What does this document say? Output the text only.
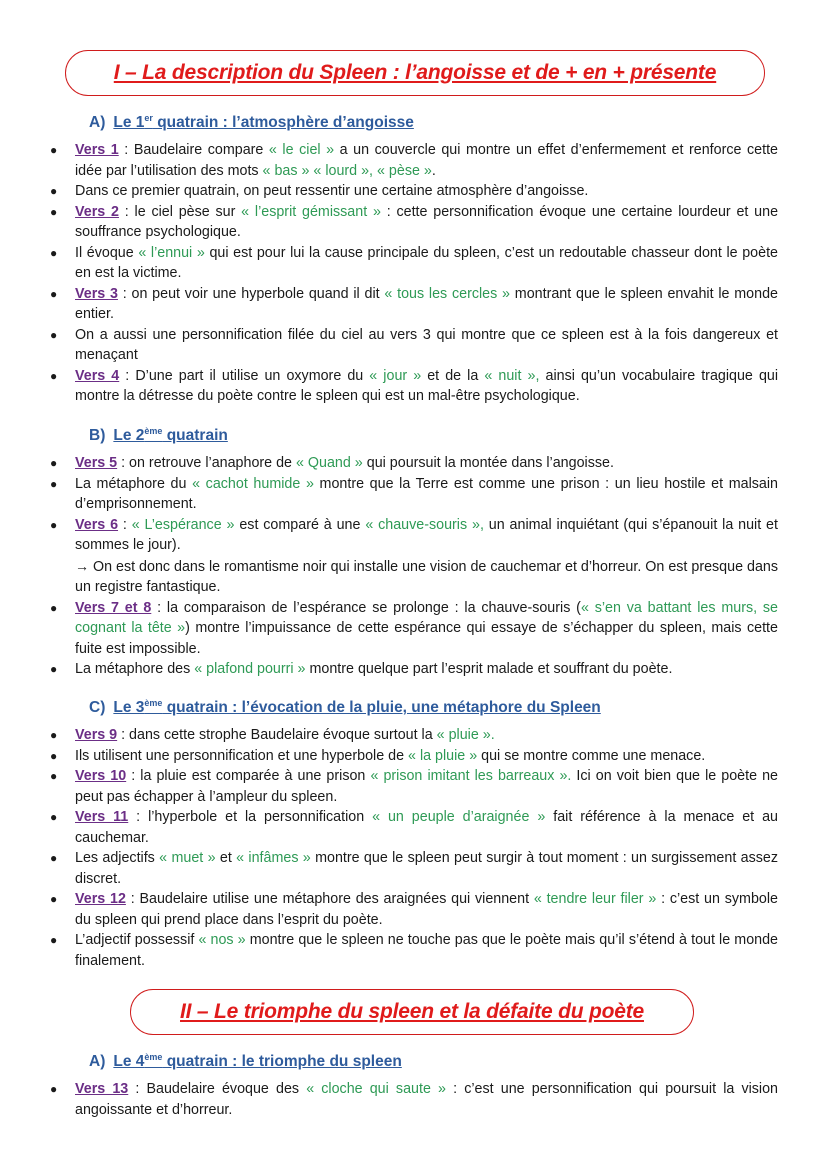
I – La description du Spleen : l’angoisse et de + en + présente
A) Le 1er quatrain : l’atmosphère d’angoisse
● Vers 1 : Baudelaire compare « le ciel » a un couvercle qui montre un effet d’enfermement et renforce cette idée par l’utilisation des mots « bas » « lourd », « pèse ».
● Dans ce premier quatrain, on peut ressentir une certaine atmosphère d’angoisse.
● Vers 2 : le ciel pèse sur « l’esprit gémissant » : cette personnification évoque une certaine lourdeur et une souffrance psychologique.
● Il évoque « l’ennui » qui est pour lui la cause principale du spleen, c’est un redoutable chasseur dont le poète en est la victime.
● Vers 3 : on peut voir une hyperbole quand il dit « tous les cercles » montrant que le spleen envahit le monde entier.
● On a aussi une personnification filée du ciel au vers 3 qui montre que ce spleen est à la fois dangereux et menaçant
● Vers 4 : D’une part il utilise un oxymore du « jour » et de la « nuit », ainsi qu’un vocabulaire tragique qui montre la détresse du poète contre le spleen qui est un mal-être psychologique.
B) Le 2ème quatrain
● Vers 5 : on retrouve l’anaphore de « Quand » qui poursuit la montée dans l’angoisse.
● La métaphore du « cachot humide » montre que la Terre est comme une prison : un lieu hostile et malsain d’emprisonnement.
● Vers 6 : « L’espérance » est comparé à une « chauve-souris », un animal inquiétant (qui s’épanouit la nuit et sommes le jour).
→ On est donc dans le romantisme noir qui installe une vision de cauchemar et d’horreur. On est presque dans un registre fantastique.
● Vers 7 et 8 : la comparaison de l’espérance se prolonge : la chauve-souris (« s’en va battant les murs, se cognant la tête ») montre l’impuissance de cette espérance qui essaye de s’échapper du spleen, mais cette fuite est impossible.
● La métaphore des « plafond pourri » montre quelque part l’esprit malade et souffrant du poète.
C) Le 3ème quatrain : l’évocation de la pluie, une métaphore du Spleen
● Vers 9 : dans cette strophe Baudelaire évoque surtout la « pluie ».
● Ils utilisent une personnification et une hyperbole de « la pluie » qui se montre comme une menace.
● Vers 10 : la pluie est comparée à une prison « prison imitant les barreaux ». Ici on voit bien que le poète ne peut pas échapper à l’ampleur du spleen.
● Vers 11 : l’hyperbole et la personnification « un peuple d’araignée » fait référence à la menace et au cauchemar.
● Les adjectifs « muet » et « infâmes » montre que le spleen peut surgir à tout moment : un surgissement assez discret.
● Vers 12 : Baudelaire utilise une métaphore des araignées qui viennent « tendre leur filer » : c’est un symbole du spleen qui prend place dans l’esprit du poète.
● L’adjectif possessif « nos » montre que le spleen ne touche pas que le poète mais qu’il s’étend à tout le monde finalement.
II – Le triomphe du spleen et la défaite du poète
A) Le 4ème quatrain : le triomphe du spleen
● Vers 13 : Baudelaire évoque des « cloche qui saute » : c’est une personnification qui poursuit la vision angoissante et d’horreur.
